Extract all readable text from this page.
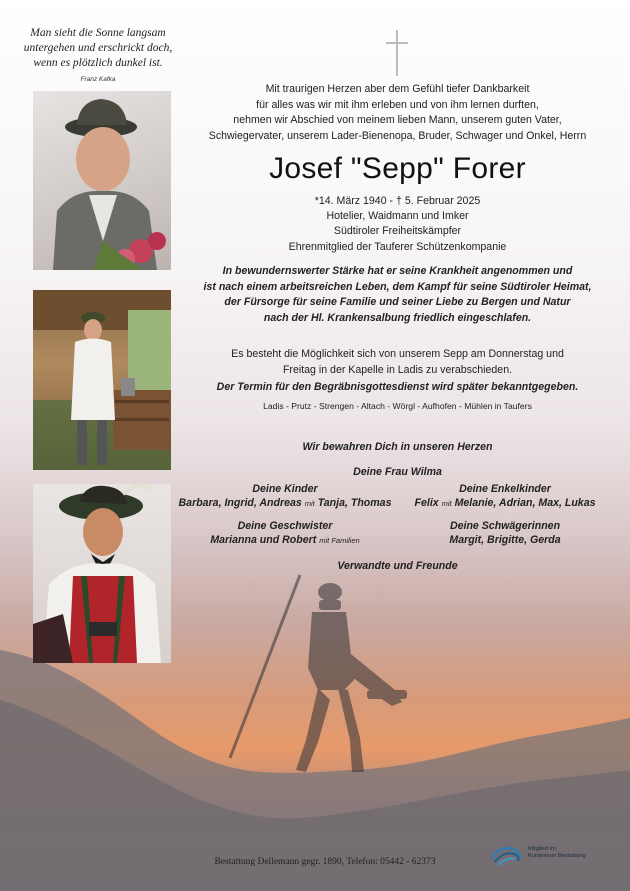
Man sieht die Sonne langsam
untergehen und erschrickt doch,
wenn es plötzlich dunkel ist.
Franz Kafka
Mit traurigen Herzen aber dem Gefühl tiefer Dankbarkeit
für alles was wir mit ihm erleben und von ihm lernen durften,
nehmen wir Abschied von meinem lieben Mann, unserem guten Vater,
Schwiegervater, unserem Lader-Bienenopa, Bruder, Schwager und Onkel, Herrn
Josef "Sepp" Forer
*14. März 1940 - † 5. Februar 2025
Hotelier, Waidmann und Imker
Südtiroler Freiheitskämpfer
Ehrenmitglied der Tauferer Schützenkompanie
In bewundernswerter Stärke hat er seine Krankheit angenommen und
ist nach einem arbeitsreichen Leben, dem Kampf für seine Südtiroler Heimat,
der Fürsorge für seine Familie und seiner Liebe zu Bergen und Natur
nach der Hl. Krankensalbung friedlich eingeschlafen.
Es besteht die Möglichkeit sich von unserem Sepp am Donnerstag und
Freitag in der Kapelle in Ladis zu verabschieden.
Der Termin für den Begräbnisgottesdienst wird später bekanntgegeben.
Ladis - Prutz - Strengen - Altach - Wörgl - Aufhofen - Mühlen in Taufers
Wir bewahren Dich in unseren Herzen
Deine Frau Wilma
Deine Kinder
Barbara, Ingrid, Andreas mit Tanja, Thomas
Deine Enkelkinder
Felix mit Melanie, Adrian, Max, Lukas
Deine Geschwister
Marianna und Robert mit Familien
Deine Schwägerinnen
Margit, Brigitte, Gerda
Verwandte und Freunde
Bestattung Dellemann gegr. 1890, Telefon: 05442 - 62373
Mitglied im
Kuratorium Bestattung
